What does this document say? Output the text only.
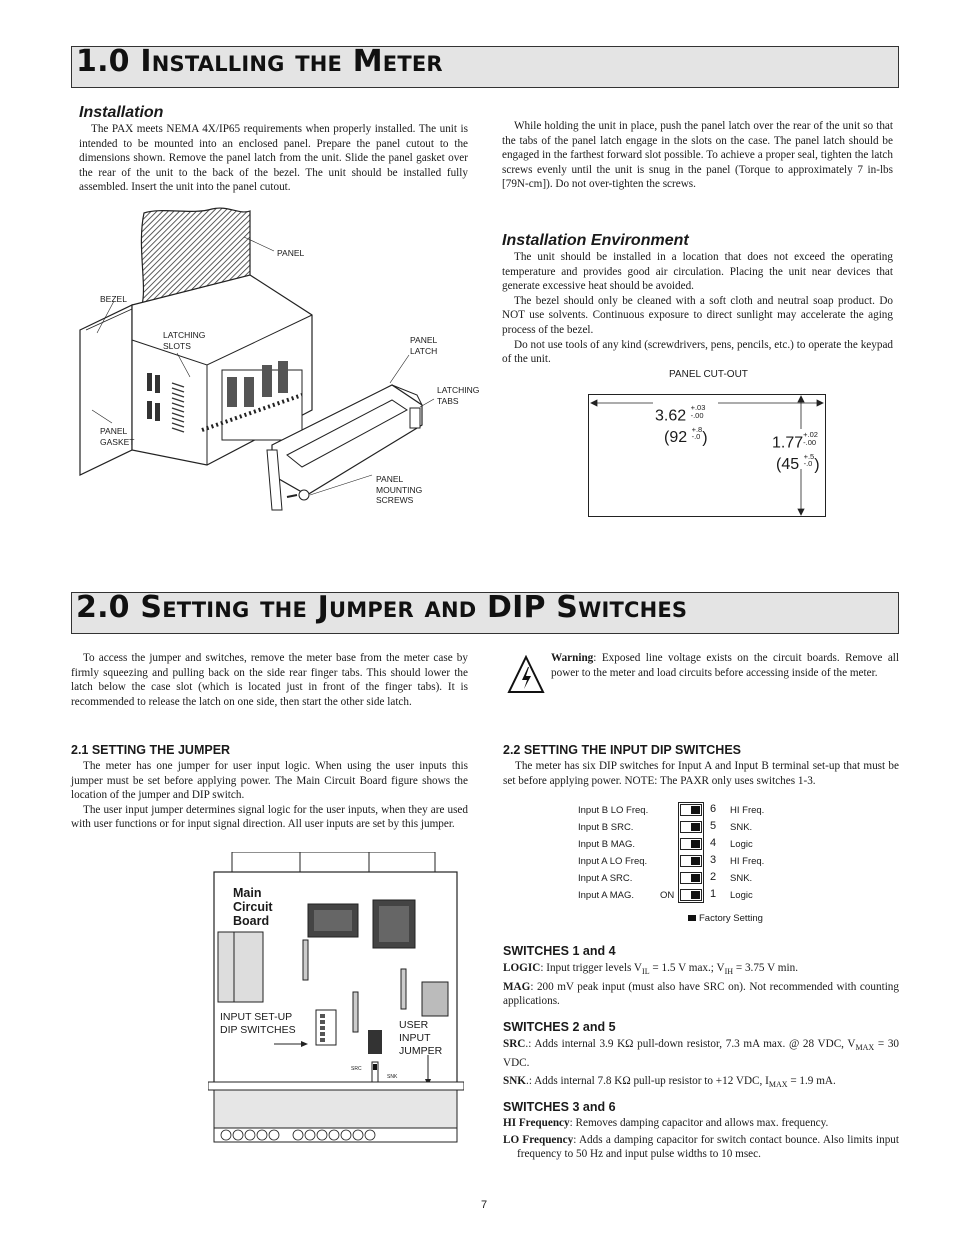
1.0 Installing the Meter
Installation

The PAX meets NEMA 4X/IP65 requirements when properly installed. The unit is intended to be mounted into an enclosed panel. Prepare the panel cutout to the dimensions shown. Remove the panel latch from the unit. Slide the panel gasket over the rear of the unit to the back of the bezel. The unit should be installed fully assembled. Insert the unit into the panel cutout.

While holding the unit in place, push the panel latch over the rear of the unit so that the tabs of the panel latch engage in the slots on the case. The panel latch should be engaged in the farthest forward slot possible. To achieve a proper seal, tighten the latch screws evenly until the unit is snug in the panel (Torque to approximately 7 in-lbs [79N-cm]). Do not over-tighten the screws.

Installation Environment

The unit should be installed in a location that does not exceed the operating temperature and provides good air circulation. Placing the unit near devices that generate excessive heat should be avoided.

The bezel should only be cleaned with a soft cloth and neutral soap product. Do NOT use solvents. Continuous exposure to direct sunlight may accelerate the aging process of the bezel.

Do not use tools of any kind (screwdrivers, pens, pencils, etc.) to operate the keypad of the unit.

PANEL
BEZEL
LATCHING
SLOTS
PANEL
LATCH
LATCHING
TABS
PANEL
GASKET
PANEL
MOUNTING
SCREWS
PANEL CUT-OUT
3.62 +.03
-.00
(92 +.8
-.0 )	1.77+.02
-.00
(45 +.5
-.0 )
2.0 Setting the Jumper and DIP Switches

To access the jumper and switches, remove the meter base from the meter case by firmly squeezing and pulling back on the side rear finger tabs. This should lower the latch below the case slot (which is located just in front of the finger tabs). It is recommended to release the latch on one side, then start the other side latch.

Warning: Exposed line voltage exists on the circuit boards. Remove all power to the meter and load circuits before accessing inside of the meter.
2.1 SETTING THE JUMPER

The meter has one jumper for user input logic. When using the user inputs this jumper must be set before applying power. The Main Circuit Board figure shows the location of the jumper and DIP switch.

The user input jumper determines signal logic for the user inputs, when they are used with user functions or for input signal direction. All user inputs are set by this jumper.

Main
Circuit
Board
INPUT SET-UP
DIP SWITCHES	USER
INPUT
JUMPER
SRC
SNK
2.2 SETTING THE INPUT DIP SWITCHES

The meter has six DIP switches for Input A and Input B terminal set-up that must be set before applying power. NOTE: The PAXR only uses switches 1-3.

Input B LO Freq.	6 HI Freq.
Input B SRC.	5 SNK.
Input B MAG.	4 Logic
Input A LO Freq.	3 HI Freq.
Input A SRC.	2 SNK.
Input A MAG.	ON	1 Logic
Factory Setting
SWITCHES 1 and 4
LOGIC: Input trigger levels $V_{IL} = 1.5$ V max.; $V_{IH} = 3.75$ V min.
MAG: 200 mV peak input (must also have SRC on). Not recommended with counting applications.
SWITCHES 2 and 5
SRC.: Adds internal 3.9 KΩ pull-down resistor, 7.3 mA max. @ 28 VDC, $V_{MAX} = 30$ VDC.
SNK.: Adds internal 7.8 KΩ pull-up resistor to +12 VDC, $I_{MAX} = 1.9$ mA.
SWITCHES 3 and 6
HI Frequency: Removes damping capacitor and allows max. frequency.
LO Frequency: Adds a damping capacitor for switch contact bounce. Also limits input frequency to 50 Hz and input pulse widths to 10 msec.
7
